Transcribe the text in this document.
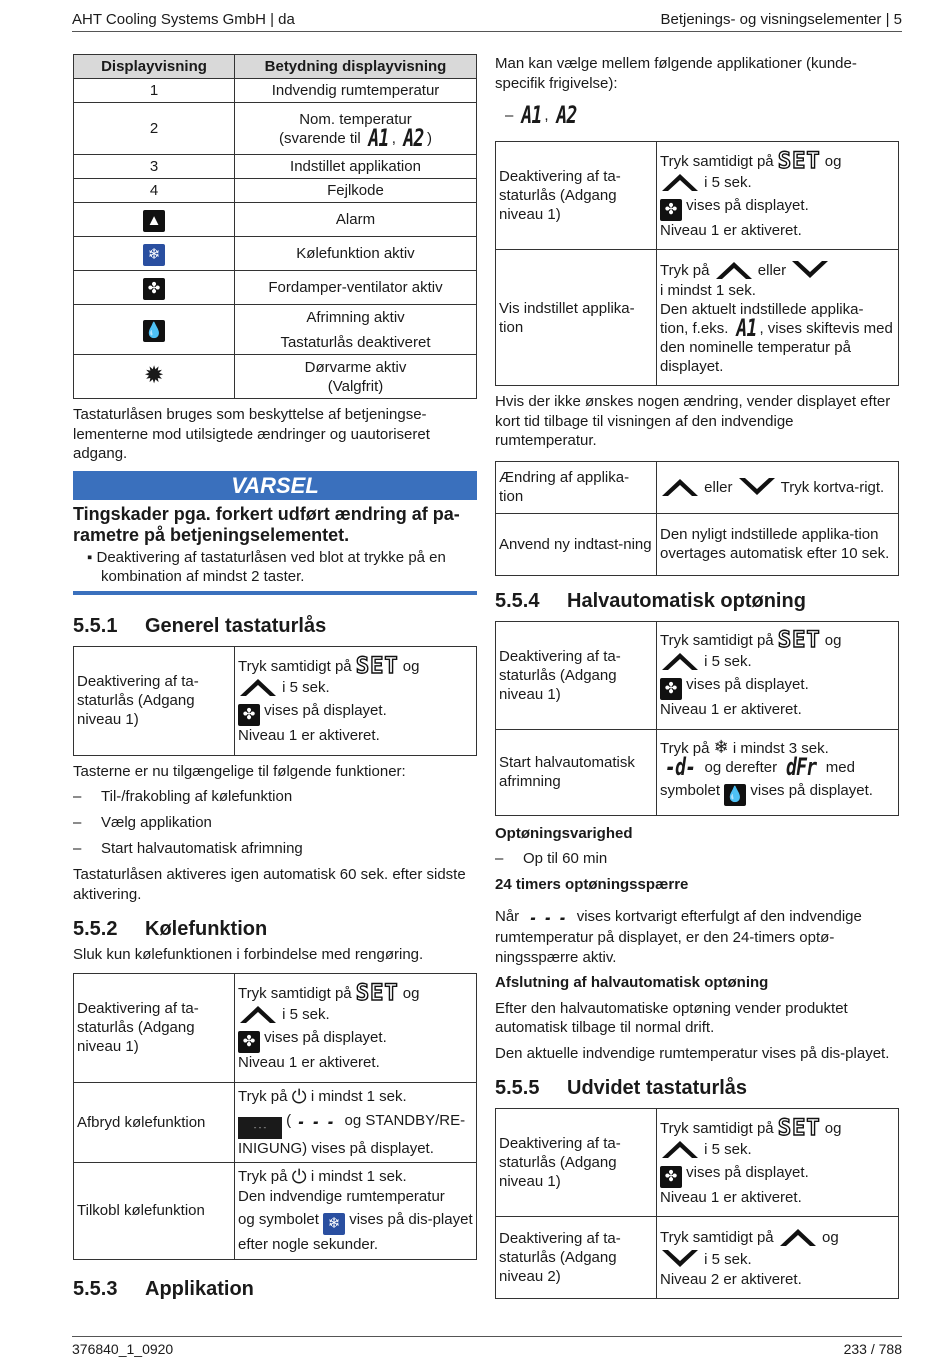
AHT Cooling Systems GmbH | da	Betjenings- og visningselementer | 5
Displayvisning	Betydning displayvisning
1	Indvendig rumtemperatur
2	Nom. temperatur
(svarende til A1 , A2 )

3	Indstillet applikation
4	Fejlkode
▲	Alarm
❄	Kølefunktion aktiv
✤	Fordamper-ventilator aktiv
💧	Afrimning aktiv
Tastaturlås deaktiveret

✹	Dørvarme aktiv
(Valgfrit)
Tastaturlåsen bruges som beskyttelse af betjeningse-lementerne mod utilsigtede ændringer og uautoriseret adgang.
VARSEL
Tingskader pga. forkert udført ændring af pa-rametre på betjeningselementet.
▪ Deaktivering af tastaturlåsen ved blot at trykke på en kombination af mindst 2 taster.
5.5.1	Generel tastaturlås
Deaktivering af ta-staturlås (Adgang niveau 1)	
Tryk samtidigt på SET og
i 5 sek.
✤ vises på displayet.
Niveau 1 er aktiveret.
Tasterne er nu tilgængelige til følgende funktioner:
– Til-/frakobling af kølefunktion
– Vælg applikation
– Start halvautomatisk afrimning
Tastaturlåsen aktiveres igen automatisk 60 sek. efter sidste aktivering.
5.5.2	Kølefunktion
Sluk kun kølefunktionen i forbindelse med rengøring.
Deaktivering af ta-staturlås (Adgang niveau 1)	Tryk samtidigt på SET og
i 5 sek.
✤ vises på displayet.
Niveau 1 er aktiveret.

Afbryd kølefunktion	Tryk på ⏻ i mindst 1 sek.
- - - ( - - - og STANDBY/RE-INIGUNG) vises på displayet.

Tilkobl kølefunktion	Tryk på ⏻ i mindst 1 sek.
Den indvendige rumtemperatur
og symbolet ❄ vises på dis-playet efter nogle sekunder.
5.5.3	Applikation
Man kan vælge mellem følgende applikationer (kunde-specifik frigivelse):
– A1 , A2
Deaktivering af ta-staturlås (Adgang niveau 1)	Tryk samtidigt på SET og
i 5 sek.
✤ vises på displayet.
Niveau 1 er aktiveret.

Vis indstillet applika-tion	Tryk på eller
i mindst 1 sek.
Den aktuelt indstillede applika-
tion, f.eks. A1 , vises skiftevis med den nominelle temperatur på displayet.
Hvis der ikke ønskes nogen ændring, vender displayet efter kort tid tilbage til visningen af den indvendige rumtemperatur.
Ændring af applika-tion	eller Tryk kortva-rigt.
Anvend ny indtast-ning	Den nyligt indstillede applika-tion overtages automatisk efter 10 sek.
5.5.4	Halvautomatisk optøning
Deaktivering af ta-staturlås (Adgang niveau 1)	Tryk samtidigt på SET og
i 5 sek.
✤ vises på displayet.
Niveau 1 er aktiveret.

Start halvautomatisk afrimning	Tryk på ❄ i mindst 3 sek.
-d- og derefter dFr med
symbolet 💧 vises på displayet.
Optøningsvarighed
– Op til 60 min
24 timers optøningsspærre
Når - - - vises kortvarigt efterfulgt af den indvendige rumtemperatur på displayet, er den 24-timers optø-ningsspærre aktiv.
Afslutning af halvautomatisk optøning
Efter den halvautomatiske optøning vender produktet automatisk tilbage til normal drift.
Den aktuelle indvendige rumtemperatur vises på dis-playet.
5.5.5	Udvidet tastaturlås
Deaktivering af ta-staturlås (Adgang niveau 1)	Tryk samtidigt på SET og
i 5 sek.
✤ vises på displayet.
Niveau 1 er aktiveret.

Deaktivering af ta-staturlås (Adgang niveau 2)	Tryk samtidigt på og
i 5 sek.
Niveau 2 er aktiveret.
376840_1_0920	233 / 788
